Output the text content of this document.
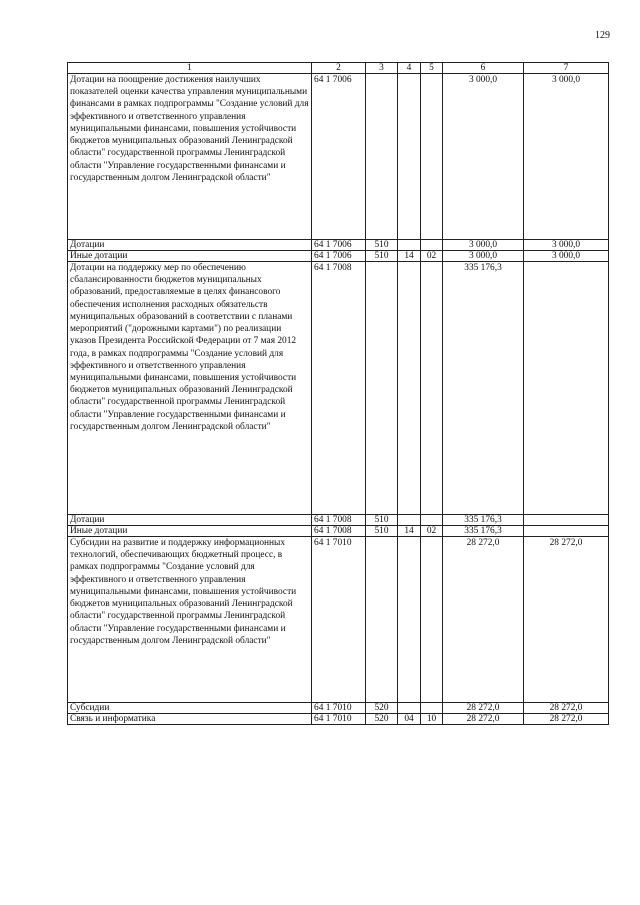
129
1	2	3	4	5	6	7
Дотации на поощрение достижения наилучших показателей оценки качества управления муниципальными финансами в рамках подпрограммы "Создание условий для эффективного и ответственного управления муниципальными финансами, повышения устойчивости бюджетов муниципальных образований Ленинградской области" государственной программы Ленинградской области "Управление государственными финансами и государственным долгом Ленинградской области"	64 1 7006				3 000,0	3 000,0
Дотации	64 1 7006	510			3 000,0	3 000,0
Иные дотации	64 1 7006	510	14	02	3 000,0	3 000,0
Дотации на поддержку мер по обеспечению сбалансированности бюджетов муниципальных образований, предоставляемые в целях финансового обеспечения исполнения расходных обязательств муниципальных образований в соответствии с планами мероприятий ("дорожными картами") по реализации указов Президента Российской Федерации от 7 мая 2012 года, в рамках подпрограммы "Создание условий для эффективного и ответственного управления муниципальными финансами, повышения устойчивости бюджетов муниципальных образований Ленинградской области" государственной программы Ленинградской области "Управление государственными финансами и государственным долгом Ленинградской области"	64 1 7008				335 176,3	
Дотации	64 1 7008	510			335 176,3	
Иные дотации	64 1 7008	510	14	02	335 176,3	
Субсидии на развитие и поддержку информационных технологий, обеспечивающих бюджетный процесс, в рамках подпрограммы "Создание условий для эффективного и ответственного управления муниципальными финансами, повышения устойчивости бюджетов муниципальных образований Ленинградской области" государственной программы Ленинградской области "Управление государственными финансами и государственным долгом Ленинградской области"	64 1 7010				28 272,0	28 272,0
Субсидии	64 1 7010	520			28 272,0	28 272,0
Связь и информатика	64 1 7010	520	04	10	28 272,0	28 272,0
